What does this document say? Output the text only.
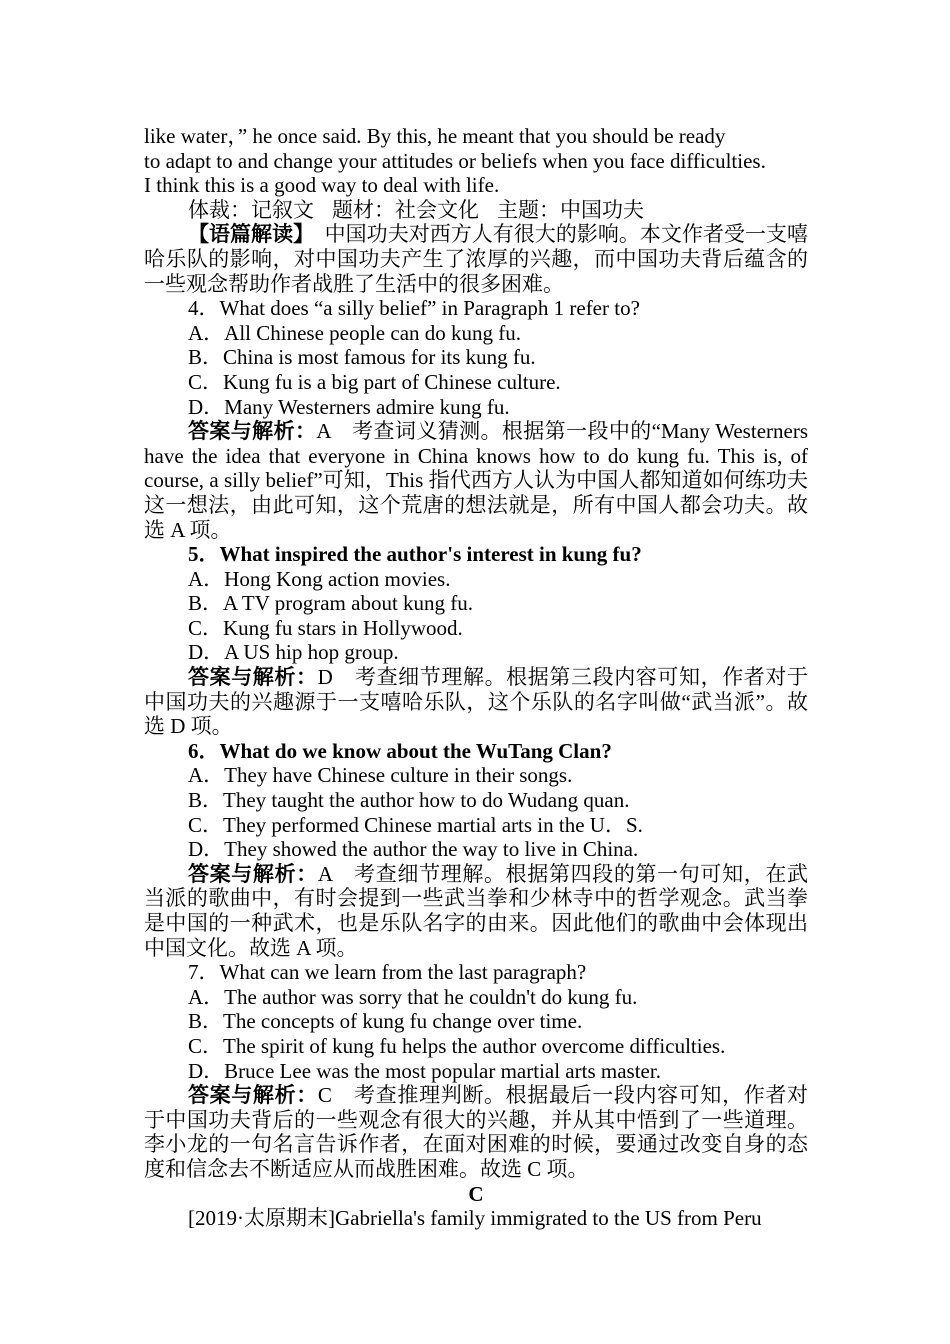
like water，” he once said. By this, he meant that you should be ready

to adapt to and change your attitudes or beliefs when you face difficulties.

I think this is a good way to deal with life.

体裁：记叙文 题材：社会文化 主题：中国功夫

【语篇解读】　 中国功夫对西方人有很大的影响。本文作者受一支嘻哈乐队的影响，对中国功夫产生了浓厚的兴趣，而中国功夫背后蕴含的一些观念帮助作者战胜了生活中的很多困难。

4．What does “a silly belief” in Paragraph 1 refer to?

A．All Chinese people can do kung fu.

B．China is most famous for its kung fu.

C．Kung fu is a big part of Chinese culture.

D．Many Westerners admire kung fu.

答案与解析：A　考查词义猜测。根据第一段中的“Many Westerners have the idea that everyone in China knows how to do kung fu. This is, of course, a silly belief”可知，This 指代西方人认为中国人都知道如何练功夫这一想法，由此可知，这个荒唐的想法就是，所有中国人都会功夫。故选 A 项。

5．What inspired the author's interest in kung fu?

A．Hong Kong action movies.

B．A TV program about kung fu.

C．Kung fu stars in Hollywood.

D．A US hip hop group.

答案与解析：D　考查细节理解。根据第三段内容可知，作者对于中国功夫的兴趣源于一支嘻哈乐队，这个乐队的名字叫做“武当派”。故选 D 项。

6．What do we know about the WuTang Clan?

A．They have Chinese culture in their songs.

B．They taught the author how to do Wudang quan.

C．They performed Chinese martial arts in the U．S.

D．They showed the author the way to live in China.

答案与解析：A　考查细节理解。根据第四段的第一句可知，在武当派的歌曲中，有时会提到一些武当拳和少林寺中的哲学观念。武当拳是中国的一种武术，也是乐队名字的由来。因此他们的歌曲中会体现出中国文化。故选 A 项。

7．What can we learn from the last paragraph?

A．The author was sorry that he couldn't do kung fu.

B．The concepts of kung fu change over time.

C．The spirit of kung fu helps the author overcome difficulties.

D．Bruce Lee was the most popular martial arts master.

答案与解析：C　考查推理判断。根据最后一段内容可知，作者对于中国功夫背后的一些观念有很大的兴趣，并从其中悟到了一些道理。李小龙的一句名言告诉作者，在面对困难的时候，要通过改变自身的态度和信念去不断适应从而战胜困难。故选 C 项。

C

[2019·太原期末]Gabriella's family immigrated to the US from Peru
